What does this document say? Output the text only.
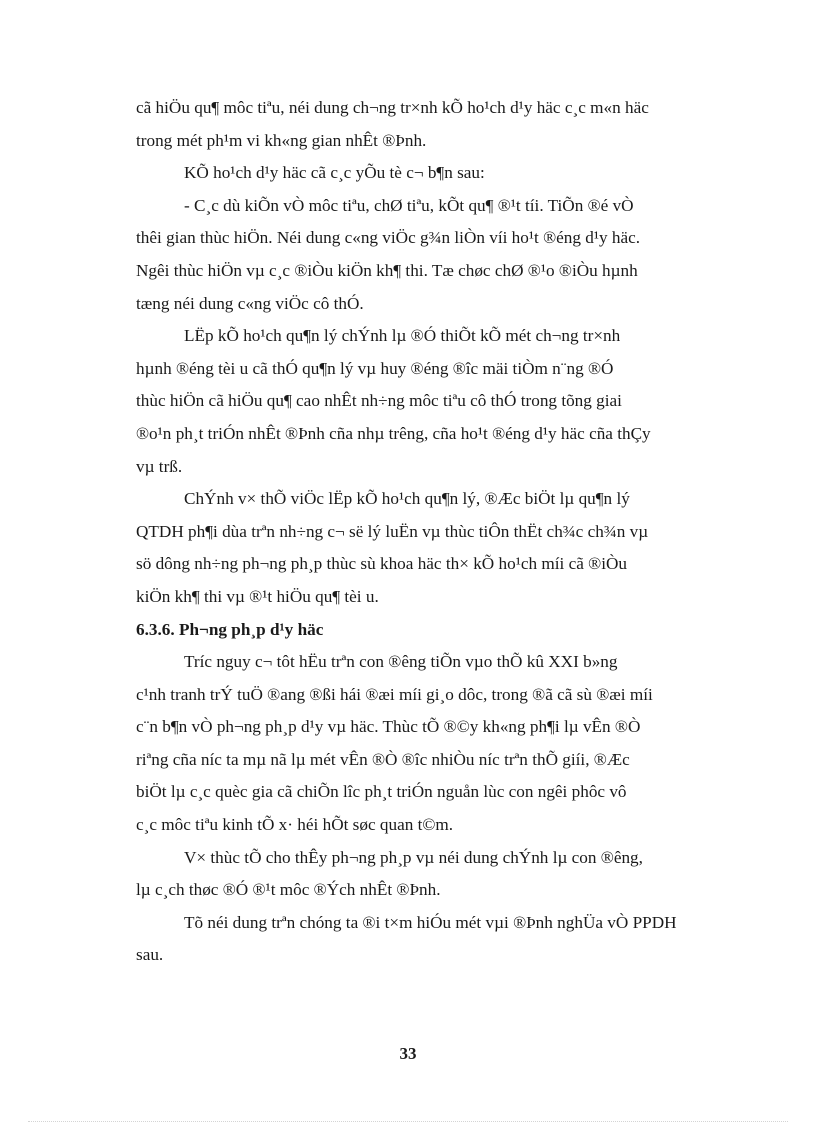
cã hiÖu qu¶ môc tiªu, néi dung ch¬ng tr×nh kÕ ho¹ch d¹y häc c¸c m«n häc
trong mét ph¹m vi kh«ng gian nhÊt ®Þnh.
KÕ ho¹ch d¹y häc cã c¸c yÕu tè c¬ b¶n sau:
- C¸c dù kiÕn vÒ môc tiªu, chØ tiªu, kÕt qu¶ ®¹t tíi. TiÕn ®é vÒ
thêi gian thùc hiÖn. Néi dung c«ng viÖc g¾n liÒn víi ho¹t ®éng d¹y häc.
Ngêi thùc hiÖn vµ c¸c ®iÒu kiÖn kh¶ thi. Tæ chøc chØ ®¹o ®iÒu hµnh
tæng néi dung c«ng viÖc cô thÓ.
LËp kÕ ho¹ch qu¶n lý chÝnh lµ ®Ó thiÕt kÕ mét ch¬ng tr×nh
hµnh ®éng tèi u cã thÓ qu¶n lý vµ huy ®éng ®îc mäi tiÒm n¨ng ®Ó
thùc hiÖn cã hiÖu qu¶ cao nhÊt nh÷ng môc tiªu cô thÓ trong tõng giai
®o¹n ph¸t triÓn nhÊt ®Þnh cña nhµ trêng, cña ho¹t ®éng d¹y häc cña thÇy
vµ trß.
ChÝnh v× thÕ viÖc lËp kÕ ho¹ch qu¶n lý, ®Æc biÖt lµ qu¶n lý
QTDH ph¶i dùa trªn nh÷ng c¬ së lý luËn vµ thùc tiÔn thËt ch¾c ch¾n vµ
sö dông nh÷ng ph¬ng ph¸p thùc sù khoa häc th× kÕ ho¹ch míi cã ®iÒu
kiÖn kh¶ thi vµ ®¹t hiÖu qu¶ tèi u.
6.3.6. Ph¬ng ph¸p d¹y häc
Tríc nguy c¬ tôt hËu trªn con ®êng tiÕn vµo thÕ kû XXI b»ng
c¹nh tranh trÝ tuÖ ®ang ®ßi hái ®æi míi gi¸o dôc, trong ®ã cã sù ®æi míi
c¨n b¶n vÒ ph¬ng ph¸p d¹y vµ häc. Thùc tÕ ®©y kh«ng ph¶i lµ vÊn ®Ò
riªng cña níc ta mµ nã lµ mét vÊn ®Ò ®îc nhiÒu níc trªn thÕ giíi, ®Æc
biÖt lµ c¸c quèc gia cã chiÕn lîc ph¸t triÓn nguån lùc con ngêi phôc vô
c¸c môc tiªu kinh tÕ x· héi hÕt søc quan t©m.
V× thùc tÕ cho thÊy ph¬ng ph¸p vµ néi dung chÝnh lµ con ®êng,
lµ c¸ch thøc ®Ó ®¹t môc ®Ých nhÊt ®Þnh.
Tõ néi dung trªn chóng ta ®i t×m hiÓu mét vµi ®Þnh nghÜa vÒ PPDH
sau.
33
